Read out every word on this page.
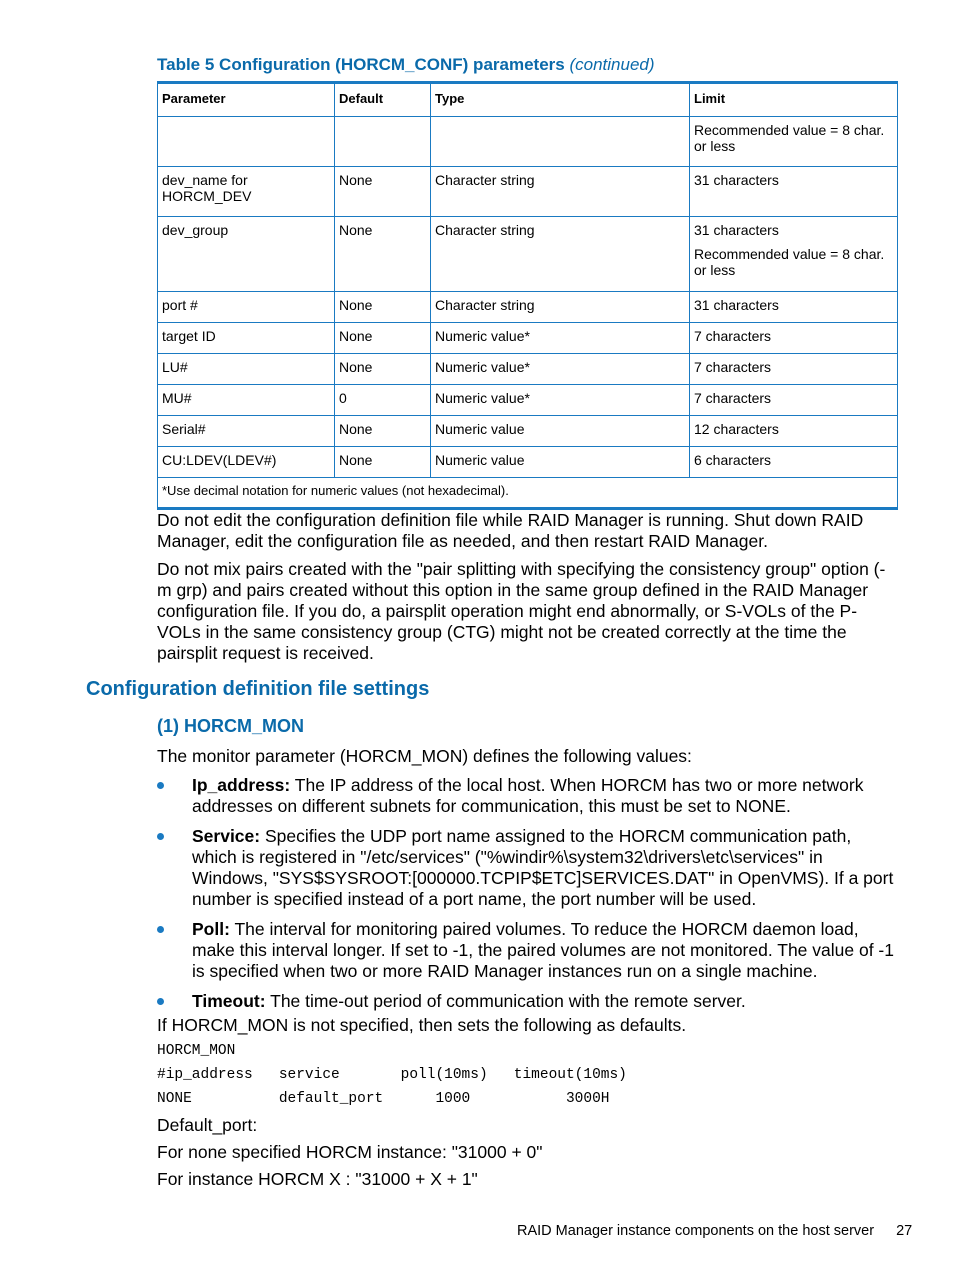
Table 5 Configuration (HORCM_CONF) parameters (continued)
Parameter	Default	Type	Limit

			Recommended value = 8 char. or less

dev_name for HORCM_DEV	None	Character string	31 characters

dev_group	None	Character string	31 characters

Recommended value = 8 char. or less

port #	None	Character string	31 characters

target ID	None	Numeric value*	7 characters

LU#	None	Numeric value*	7 characters

MU#	0	Numeric value*	7 characters

Serial#	None	Numeric value	12 characters

CU:LDEV(LDEV#)	None	Numeric value	6 characters

*Use decimal notation for numeric values (not hexadecimal).			

Do not edit the configuration definition file while RAID Manager is running. Shut down RAID Manager, edit the configuration file as needed, and then restart RAID Manager.

Do not mix pairs created with the "pair splitting with specifying the consistency group" option (-m grp) and pairs created without this option in the same group defined in the RAID Manager configuration file. If you do, a pairsplit operation might end abnormally, or S-VOLs of the P-VOLs in the same consistency group (CTG) might not be created correctly at the time the pairsplit request is received.

Configuration definition file settings
(1) HORCM_MON

The monitor parameter (HORCM_MON) defines the following values:

Ip_address: The IP address of the local host. When HORCM has two or more network addresses on different subnets for communication, this must be set to NONE.
Service: Specifies the UDP port name assigned to the HORCM communication path, which is registered in "/etc/services" ("%windir%\system32\drivers\etc\services" in Windows, "SYS$SYSROOT:[000000.TCPIP$ETC]SERVICES.DAT" in OpenVMS). If a port number is specified instead of a port name, the port number will be used.
Poll: The interval for monitoring paired volumes. To reduce the HORCM daemon load, make this interval longer. If set to -1, the paired volumes are not monitored. The value of -1 is specified when two or more RAID Manager instances run on a single machine.
Timeout: The time-out period of communication with the remote server.

If HORCM_MON is not specified, then sets the following as defaults.

HORCM_MON
#ip_address   service       poll(10ms)   timeout(10ms)
NONE          default_port      1000           3000H

Default_port:

For none specified HORCM instance: "31000 + 0"

For instance HORCM X : "31000 + X + 1"

RAID Manager instance components on the host server 27
